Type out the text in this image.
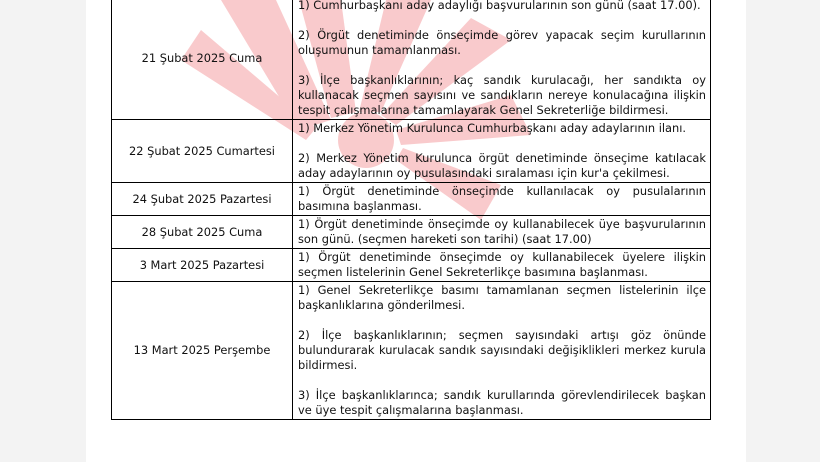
21 Şubat 2025 Cuma	1) Cumhurbaşkanı aday adaylığı başvurularının son günü (saat 17.00).

2) Örgüt denetiminde önseçimde görev yapacak seçim kurullarının oluşumunun tamamlanması.

3) İlçe başkanlıklarının; kaç sandık kurulacağı, her sandıkta oy kullanacak seçmen sayısını ve sandıkların nereye konulacağına ilişkin tespit çalışmalarına tamamlayarak Genel Sekreterliğe bildirmesi.

22 Şubat 2025 Cumartesi	1) Merkez Yönetim Kurulunca Cumhurbaşkanı aday adaylarının ilanı.

2) Merkez Yönetim Kurulunca örgüt denetiminde önseçime katılacak aday adaylarının oy pusulasındaki sıralaması için kur'a çekilmesi.

24 Şubat 2025 Pazartesi	1) Örgüt denetiminde önseçimde kullanılacak oy pusulalarının basımına başlanması.

28 Şubat 2025 Cuma	1) Örgüt denetiminde önseçimde oy kullanabilecek üye başvurularının son günü. (seçmen hareketi son tarihi) (saat 17.00)

3 Mart 2025 Pazartesi	1) Örgüt denetiminde önseçimde oy kullanabilecek üyelere ilişkin seçmen listelerinin Genel Sekreterlikçe basımına başlanması.

13 Mart 2025 Perşembe	1) Genel Sekreterlikçe basımı tamamlanan seçmen listelerinin ilçe başkanlıklarına gönderilmesi.

2) İlçe başkanlıklarının; seçmen sayısındaki artışı göz önünde bulundurarak kurulacak sandık sayısındaki değişiklikleri merkez kurula bildirmesi.

3) İlçe başkanlıklarınca; sandık kurullarında görevlendirilecek başkan ve üye tespit çalışmalarına başlanması.
